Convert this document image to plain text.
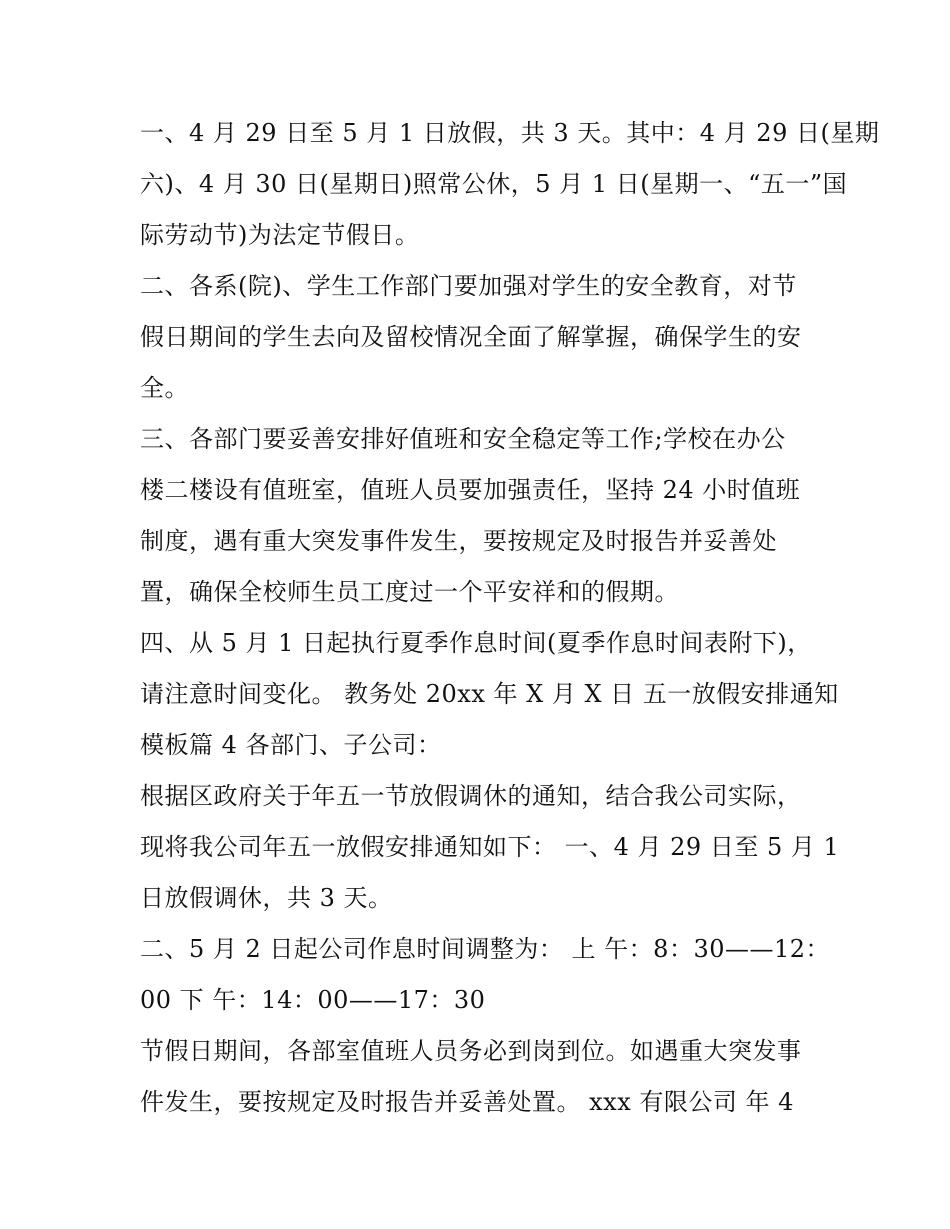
一、4 月 29 日至 5 月 1 日放假，共 3 天。其中：4 月 29 日(星期
六)、4 月 30 日(星期日)照常公休，5 月 1 日(星期一、“五一”国
际劳动节)为法定节假日。

二、各系(院)、学生工作部门要加强对学生的安全教育，对节
假日期间的学生去向及留校情况全面了解掌握，确保学生的安
全。

三、各部门要妥善安排好值班和安全稳定等工作;学校在办公
楼二楼设有值班室，值班人员要加强责任，坚持 24 小时值班
制度，遇有重大突发事件发生，要按规定及时报告并妥善处
置，确保全校师生员工度过一个平安祥和的假期。

四、从 5 月 1 日起执行夏季作息时间(夏季作息时间表附下)，
请注意时间变化。 教务处 20xx 年 X 月 X 日 五一放假安排通知
模板篇 4 各部门、子公司：

根据区政府关于年五一节放假调休的通知，结合我公司实际，
现将我公司年五一放假安排通知如下： 一、4 月 29 日至 5 月 1
日放假调休，共 3 天。

二、5 月 2 日起公司作息时间调整为： 上 午：8：30——12：
00 下 午：14：00——17：30

节假日期间，各部室值班人员务必到岗到位。如遇重大突发事
件发生，要按规定及时报告并妥善处置。 xxx 有限公司 年 4
